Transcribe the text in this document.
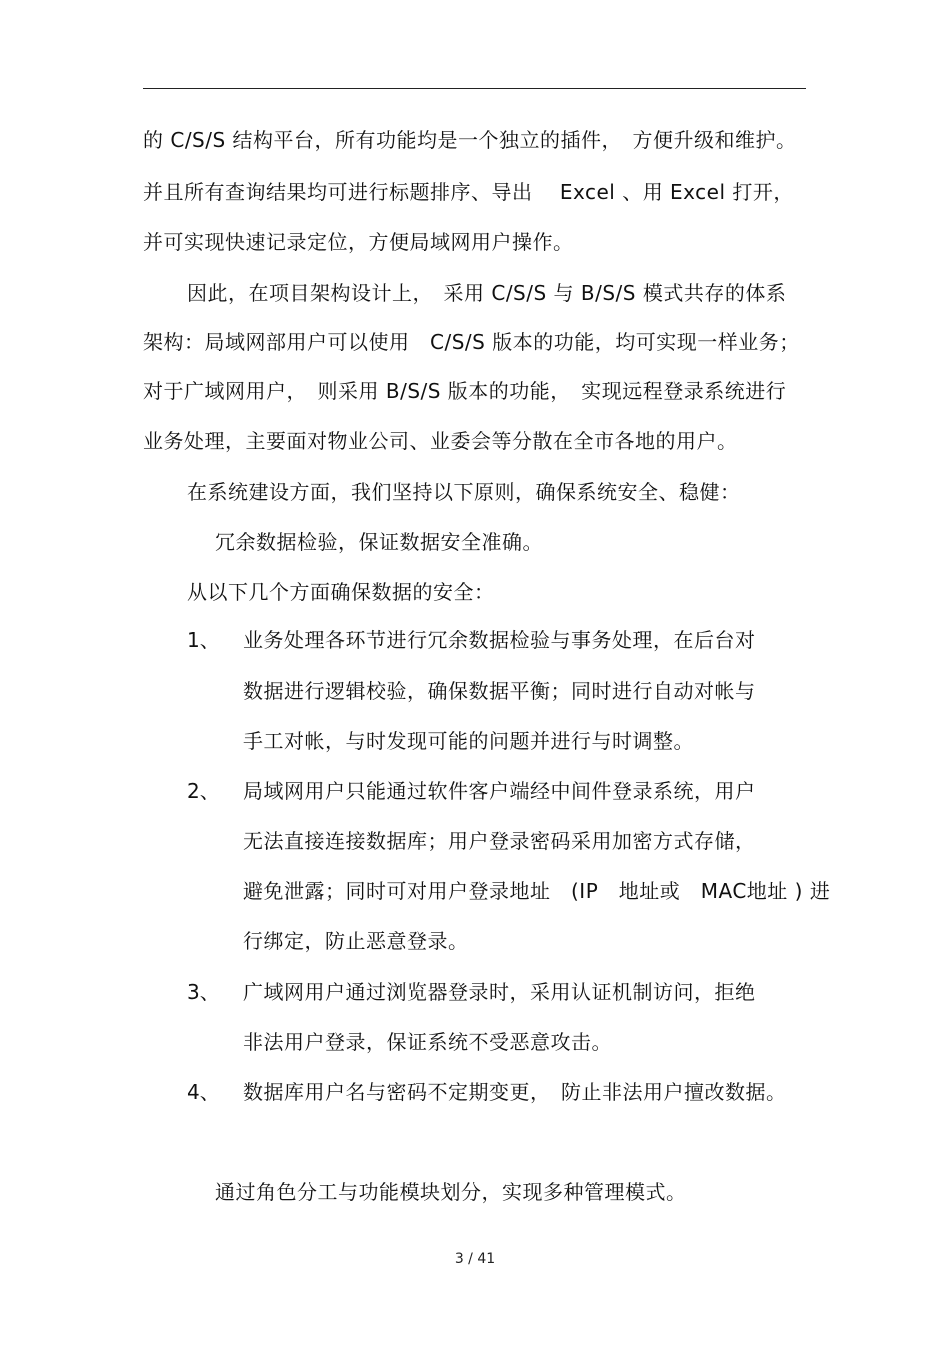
的 C/S/S 结构平台，所有功能均是一个独立的插件，　方便升级和维护。
并且所有查询结果均可进行标题排序、导出　 Excel 、用 Excel 打开，
并可实现快速记录定位，方便局域网用户操作。
因此，在项目架构设计上，　采用 C/S/S 与 B/S/S 模式共存的体系
架构：局域网部用户可以使用　C/S/S 版本的功能，均可实现一样业务；
对于广域网用户，　则采用 B/S/S 版本的功能，　实现远程登录系统进行
业务处理，主要面对物业公司、业委会等分散在全市各地的用户。
在系统建设方面，我们坚持以下原则，确保系统安全、稳健：
冗余数据检验，保证数据安全准确。
从以下几个方面确保数据的安全：
1、 业务处理各环节进行冗余数据检验与事务处理，在后台对
数据进行逻辑校验，确保数据平衡；同时进行自动对帐与
手工对帐，与时发现可能的问题并进行与时调整。
2、 局域网用户只能通过软件客户端经中间件登录系统，用户
无法直接连接数据库；用户登录密码采用加密方式存储，
避免泄露；同时可对用户登录地址　(IP　地址或　MAC地址 ) 进
行绑定，防止恶意登录。
3、 广域网用户通过浏览器登录时，采用认证机制访问，拒绝
非法用户登录，保证系统不受恶意攻击。
4、 数据库用户名与密码不定期变更，　防止非法用户擅改数据。
通过角色分工与功能模块划分，实现多种管理模式。
3 / 41
